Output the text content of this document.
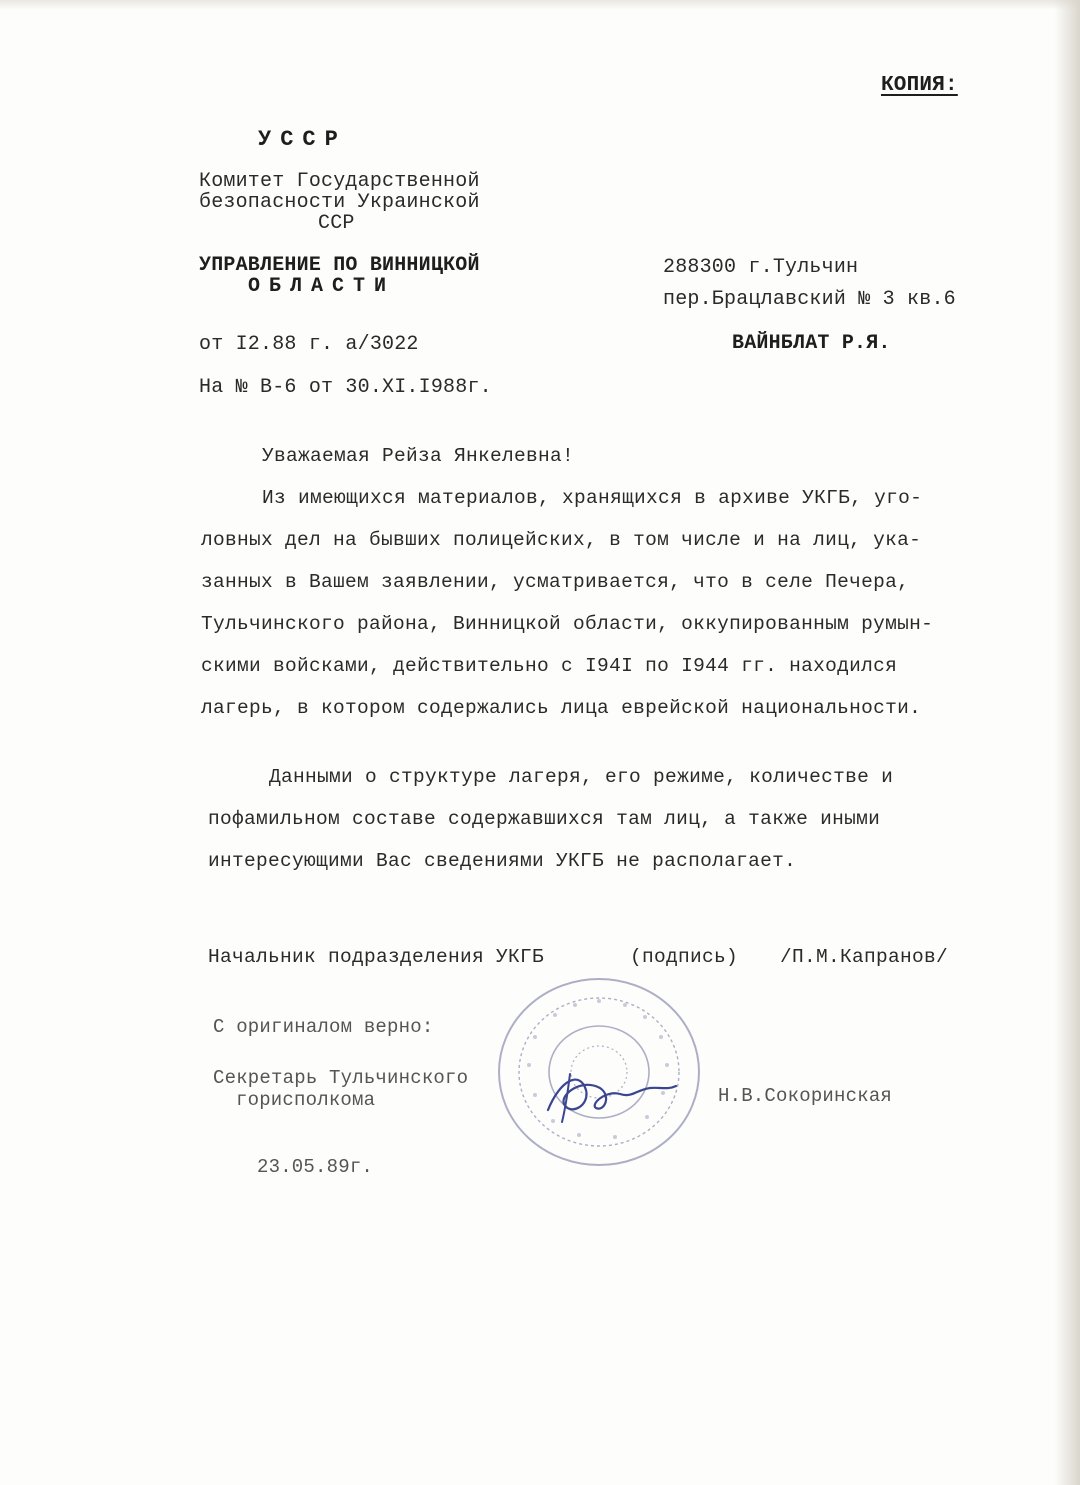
КОПИЯ:
УССР
Комитет Государственной
безопасности Украинской
ССР
УПРАВЛЕНИЕ ПО ВИННИЦКОЙ
ОБЛАСТИ
от I2.88 г. а/3022
На № В-6 от 30.XI.I988г.
288300 г.Тульчин
пер.Брацлавский № 3 кв.6
ВАЙНБЛАТ Р.Я.
Уважаемая Рейза Янкелевна!
Из имеющихся материалов, хранящихся в архиве УКГБ, уго-
ловных дел на бывших полицейских, в том числе и на лиц, ука-
занных в Вашем заявлении, усматривается, что в селе Печера,
Тульчинского района, Винницкой области, оккупированным румын-
скими войсками, действительно с I94I по I944 гг. находился
лагерь, в котором содержались лица еврейской национальности.
Данными о структуре лагеря, его режиме, количестве и
пофамильном составе содержавшихся там лиц, а также иными
интересующими Вас сведениями УКГБ не располагает.
Начальник подразделения УКГБ	(подпись) /П.М.Капранов/
С оригиналом верно:
Секретарь Тульчинского
горисполкома	Н.В.Сокоринская
23.05.89г.
